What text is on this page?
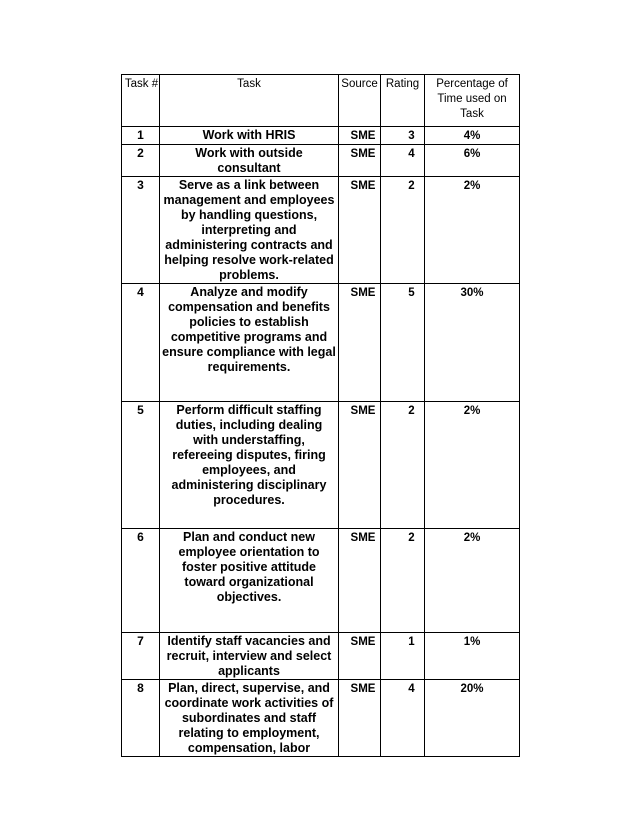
Task #	Task	Source	Rating	Percentage of Time used on Task
1	Work with HRIS	SME	3	4%
2	Work with outside consultant	SME	4	6%
3	Serve as a link between management and employees by handling questions, interpreting and administering contracts and helping resolve work-related problems.	SME	2	2%
4	Analyze and modify compensation and benefits policies to establish competitive programs and ensure compliance with legal requirements.	SME	5	30%
5	Perform difficult staffing duties, including dealing with understaffing, refereeing disputes, firing employees, and administering disciplinary procedures.	SME	2	2%
6	Plan and conduct new employee orientation to foster positive attitude toward organizational objectives.	SME	2	2%
7	Identify staff vacancies and recruit, interview and select applicants	SME	1	1%
8	Plan, direct, supervise, and coordinate work activities of subordinates and staff relating to employment, compensation, labor	SME	4	20%
